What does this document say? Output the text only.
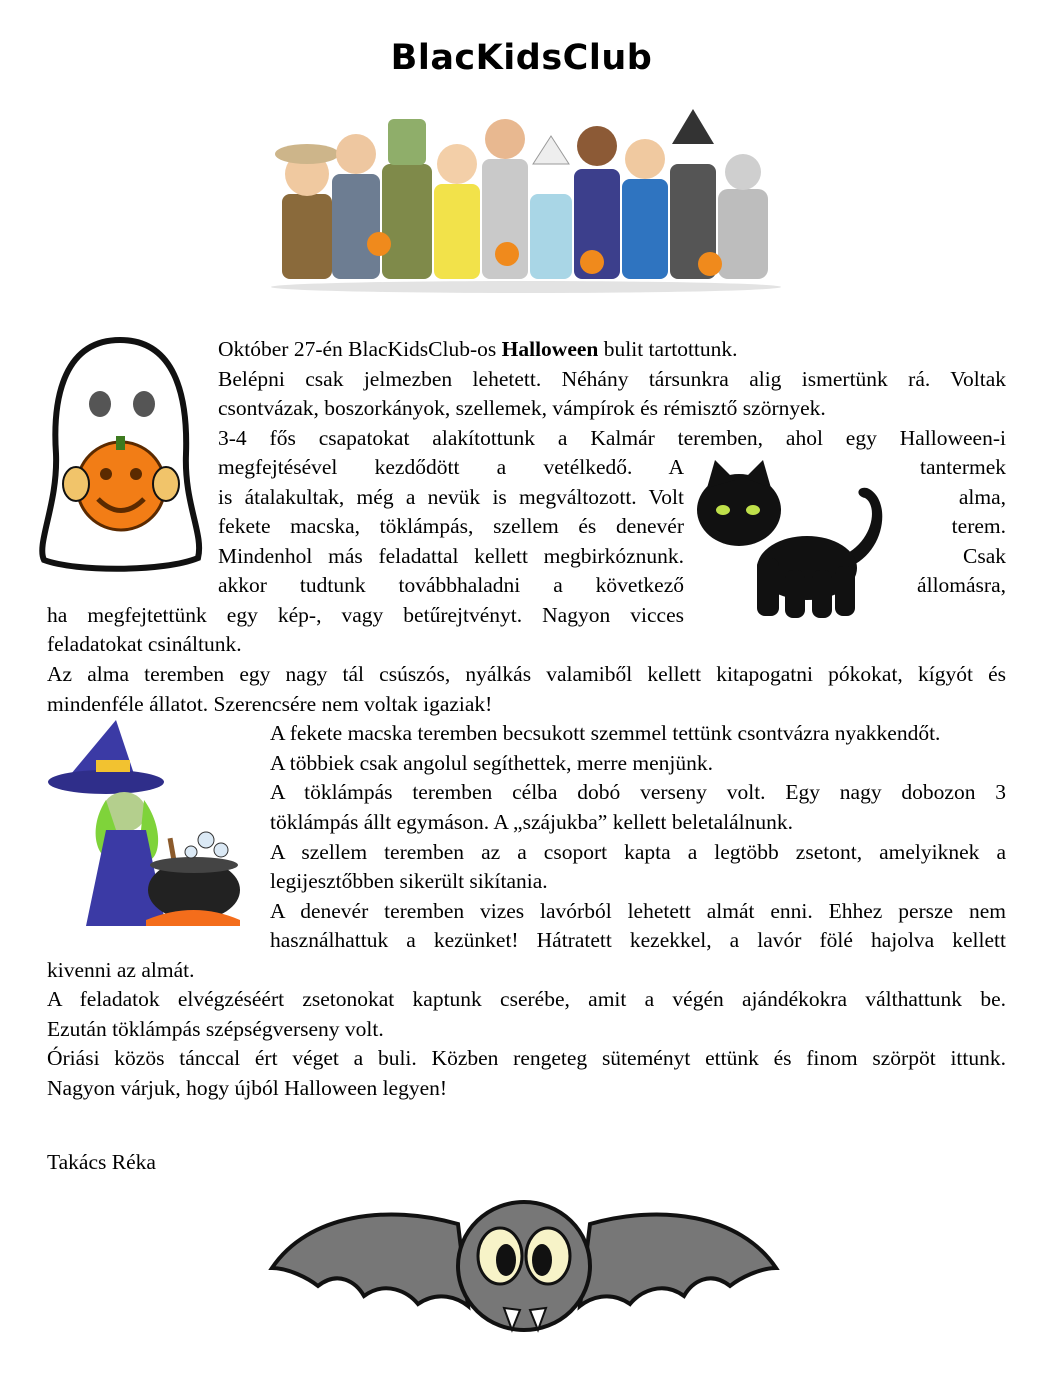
BlacKidsClub
Október 27-én BlacKidsClub-os Halloween bulit tartottunk.
Belépni csak jelmezben lehetett. Néhány társunkra alig ismertünk rá. Voltak
csontvázak, boszorkányok, szellemek, vámpírok és rémisztő szörnyek.
3-4 fős csapatokat alakítottunk a Kalmár teremben, ahol egy Halloween-i
megfejtésével kezdődött a vetélkedő. A	tantermek
is átalakultak, még a nevük is megváltozott. Volt	alma,
fekete macska, töklámpás, szellem és denevér	terem.
Mindenhol más feladattal kellett megbirkóznunk.	Csak
akkor tudtunk továbbhaladni a következő	állomásra,
ha megfejtettünk egy kép-, vagy betűrejtvényt. Nagyon vicces
feladatokat csináltunk.
Az alma teremben egy nagy tál csúszós, nyálkás valamiből kellett kitapogatni pókokat, kígyót és
mindenféle állatot. Szerencsére nem voltak igaziak!
A fekete macska teremben becsukott szemmel tettünk csontvázra nyakkendőt.
A többiek csak angolul segíthettek, merre menjünk.
A töklámpás teremben célba dobó verseny volt. Egy nagy dobozon 3
töklámpás állt egymáson. A „szájukba” kellett beletalálnunk.
A szellem teremben az a csoport kapta a legtöbb zsetont, amelyiknek a
legijesztőbben sikerült sikítania.
A denevér teremben vizes lavórból lehetett almát enni. Ehhez persze nem
használhattuk a kezünket! Hátratett kezekkel, a lavór fölé hajolva kellett
kivenni az almát.
A feladatok elvégzéséért zsetonokat kaptunk cserébe, amit a végén ajándékokra válthattunk be.
Ezután töklámpás szépségverseny volt.
Óriási közös tánccal ért véget a buli. Közben rengeteg süteményt ettünk és finom szörpöt ittunk.
Nagyon várjuk, hogy újból Halloween legyen!
Takács Réka
